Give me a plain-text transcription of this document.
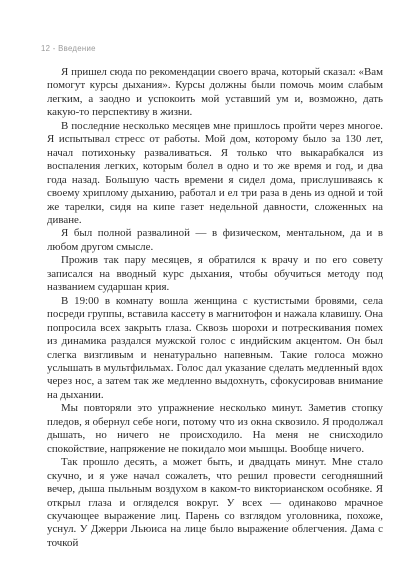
12 - Введение

Я пришел сюда по рекомендации своего врача, который сказал: «Вам помогут курсы дыхания». Курсы должны были помочь моим слабым легким, а заодно и успокоить мой уставший ум и, возможно, дать какую-то перспективу в жизни.

В последние несколько месяцев мне пришлось пройти через многое. Я испытывал стресс от работы. Мой дом, которому было за 130 лет, начал потихоньку разваливаться. Я только что выкарабкался из воспаления легких, которым болел в одно и то же время и год, и два года назад. Большую часть времени я сидел дома, прислушиваясь к своему хриплому дыханию, работал и ел три раза в день из одной и той же тарелки, сидя на кипе газет недельной давности, сложенных на диване.

Я был полной развалиной — в физическом, ментальном, да и в любом другом смысле.

Прожив так пару месяцев, я обратился к врачу и по его совету записался на вводный курс дыхания, чтобы обучиться методу под названием сударшан крия.

В 19:00 в комнату вошла женщина с кустистыми бровями, села посреди группы, вставила кассету в магнитофон и нажала клавишу. Она попросила всех закрыть глаза. Сквозь шорохи и потрескивания помех из динамика раздался мужской голос с индийским акцентом. Он был слегка визгливым и ненатурально напевным. Такие голоса можно услышать в мультфильмах. Голос дал указание сделать медленный вдох через нос, а затем так же медленно выдохнуть, сфокусировав внимание на дыхании.

Мы повторяли это упражнение несколько минут. Заметив стопку пледов, я обернул себе ноги, потому что из окна сквозило. Я продолжал дышать, но ничего не происходило. На меня не снисходило спокойствие, напряжение не покидало мои мышцы. Вообще ничего.

Так прошло десять, а может быть, и двадцать минут. Мне стало скучно, и я уже начал сожалеть, что решил провести сегодняшний вечер, дыша пыльным воздухом в каком-то викторианском особняке. Я открыл глаза и огляделся вокруг. У всех — одинаково мрачное скучающее выражение лиц. Парень со взглядом уголовника, похоже, уснул. У Джерри Льюиса на лице было выражение облегчения. Дама с точкой
